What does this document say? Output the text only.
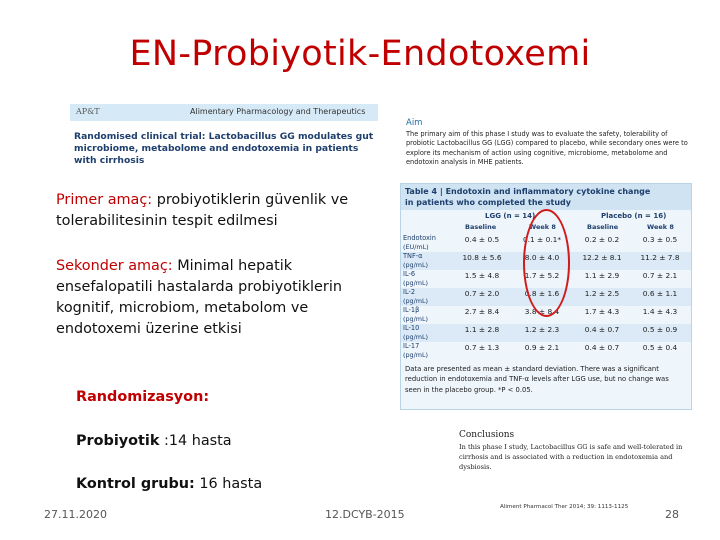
EN-Probiyotik-Endotoxemi
AP&T	Alimentary Pharmacology and Therapeutics
Randomised clinical trial: Lactobacillus GG modulates gut microbiome, metabolome and endotoxemia in patients with cirrhosis
Aim
The primary aim of this phase I study was to evaluate the safety, tolerability of probiotic Lactobacillus GG (LGG) compared to placebo, while secondary ones were to explore its mechanism of action using cognitive, microbiome, metabolome and endotoxin analysis in MHE patients.
Table 4 | Endotoxin and inflammatory cytokine change
in patients who completed the study
LGG (n = 14)	Placebo (n = 16)
Baseline	Week 8	Baseline	Week 8
Data are presented as mean ± standard deviation. There was a significant reduction in endotoxemia and TNF-α levels after LGG use, but no change was seen in the placebo group. *P < 0.05.
Endotoxin
(EU/mL)
0.4 ± 0.5	0.1 ± 0.1*	0.2 ± 0.2	0.3 ± 0.5
TNF-α
(pg/mL)
10.8 ± 5.6	8.0 ± 4.0	12.2 ± 8.1	11.2 ± 7.8
IL-6
(pg/mL)
1.5 ± 4.8	1.7 ± 5.2	1.1 ± 2.9	0.7 ± 2.1
IL-2
(pg/mL)
0.7 ± 2.0	0.8 ± 1.6	1.2 ± 2.5	0.6 ± 1.1
IL-1β
(pg/mL)
2.7 ± 8.4	3.8 ± 8.4	1.7 ± 4.3	1.4 ± 4.3
IL-10
(pg/mL)
1.1 ± 2.8	1.2 ± 2.3	0.4 ± 0.7	0.5 ± 0.9
IL-17
(pg/mL)
0.7 ± 1.3	0.9 ± 2.1	0.4 ± 0.7	0.5 ± 0.4
Conclusions
In this phase I study, Lactobacillus GG is safe and well-tolerated in cirrhosis and is associated with a reduction in endotoxemia and dysbiosis.
Primer amaç: probiyotiklerin güvenlik ve tolerabilitesinin tespit edilmesi
Sekonder amaç: Minimal hepatik ensefalopatili hastalarda probiyotiklerin kognitif, microbiom, metabolom ve endotoxemi üzerine etkisi
Randomizasyon:
Probiyotik :14 hasta
Kontrol grubu: 16 hasta
Aliment Pharmacol Ther 2014; 39: 1113-1125
27.11.2020	12.DCYB-2015	28
